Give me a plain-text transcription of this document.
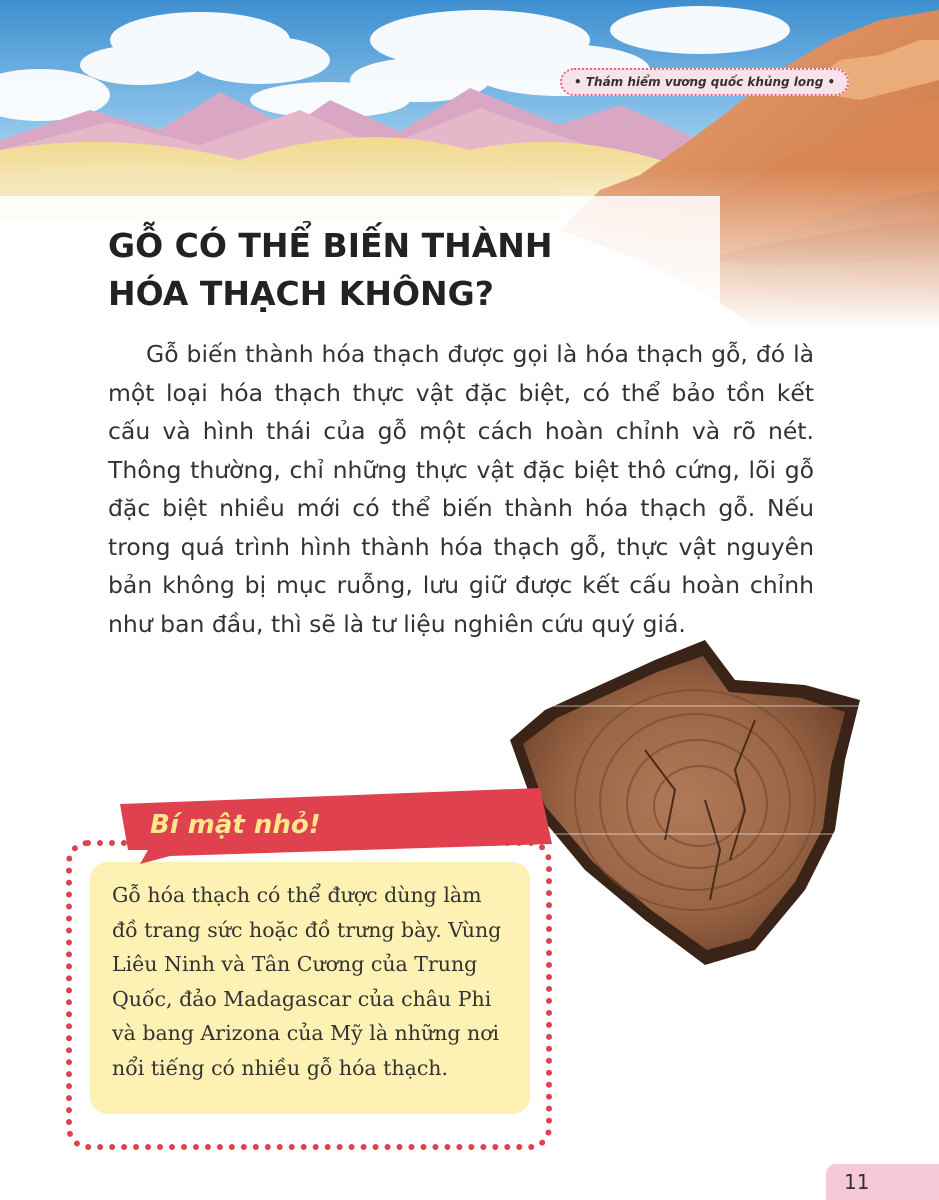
• Thám hiểm vương quốc khủng long •
GỖ CÓ THỂ BIẾN THÀNH
HÓA THẠCH KHÔNG?

Gỗ biến thành hóa thạch được gọi là hóa thạch gỗ, đó là một loại hóa thạch thực vật đặc biệt, có thể bảo tồn kết cấu và hình thái của gỗ một cách hoàn chỉnh và rõ nét. Thông thường, chỉ những thực vật đặc biệt thô cứng, lõi gỗ đặc biệt nhiều mới có thể biến thành hóa thạch gỗ. Nếu trong quá trình hình thành hóa thạch gỗ, thực vật nguyên bản không bị mục ruỗng, lưu giữ được kết cấu hoàn chỉnh như ban đầu, thì sẽ là tư liệu nghiên cứu quý giá.

Gỗ hóa thạch có thể được dùng làm đồ trang sức hoặc đồ trưng bày. Vùng Liêu Ninh và Tân Cương của Trung Quốc, đảo Madagascar của châu Phi và bang Arizona của Mỹ là những nơi nổi tiếng có nhiều gỗ hóa thạch.

Bí mật nhỏ!
11
